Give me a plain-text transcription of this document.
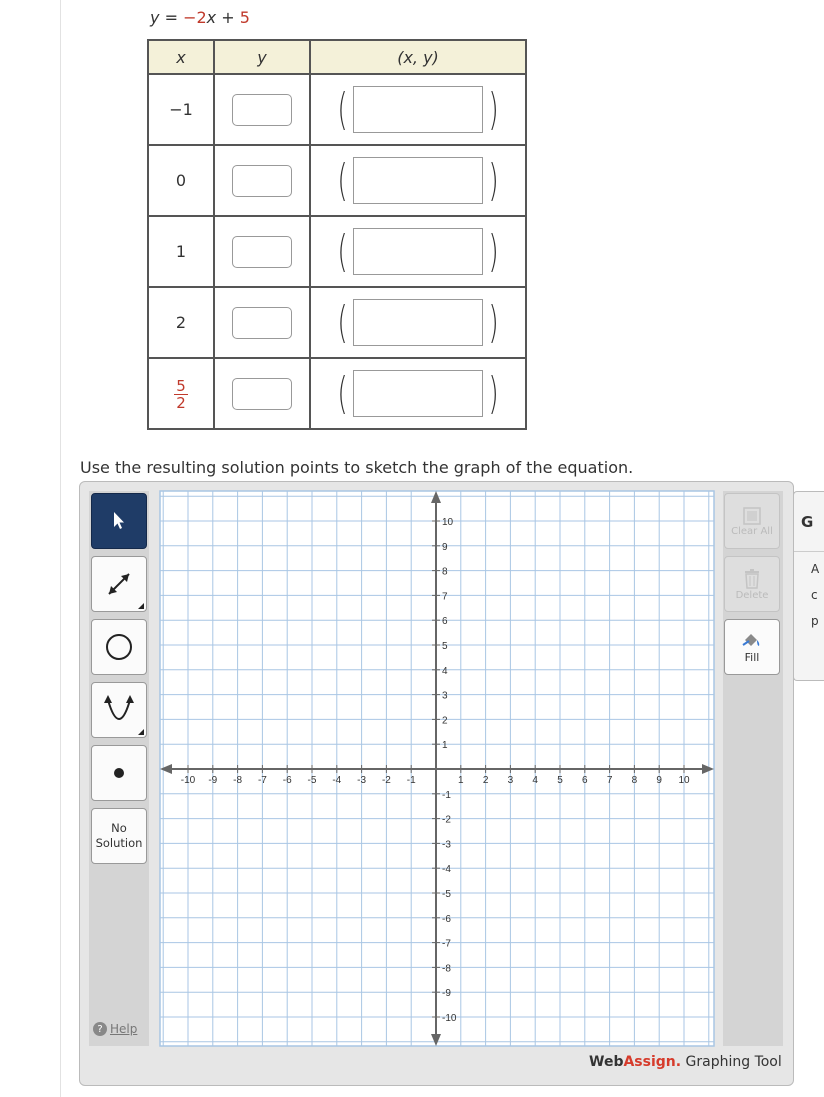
y = −2x + 5
x	y	(x, y)
−1		( )

0		( )

1		( )

2		( )

$\frac{5}{2}$		( )
Use the resulting solution points to sketch the graph of the equation.
No
Solution
? Help
-10 -9 -8 -7 -6 -5 -4 -3 -2 -1	1 2 3 4 5 6 7 8 9 10
10
9
8
7
6
5
4
3
2
1
-1
-2
-3
-4
-5
-6
-7
-8
-9
-10
Clear All
Delete
Fill
WebAssign. Graphing Tool
G
A
c
p
